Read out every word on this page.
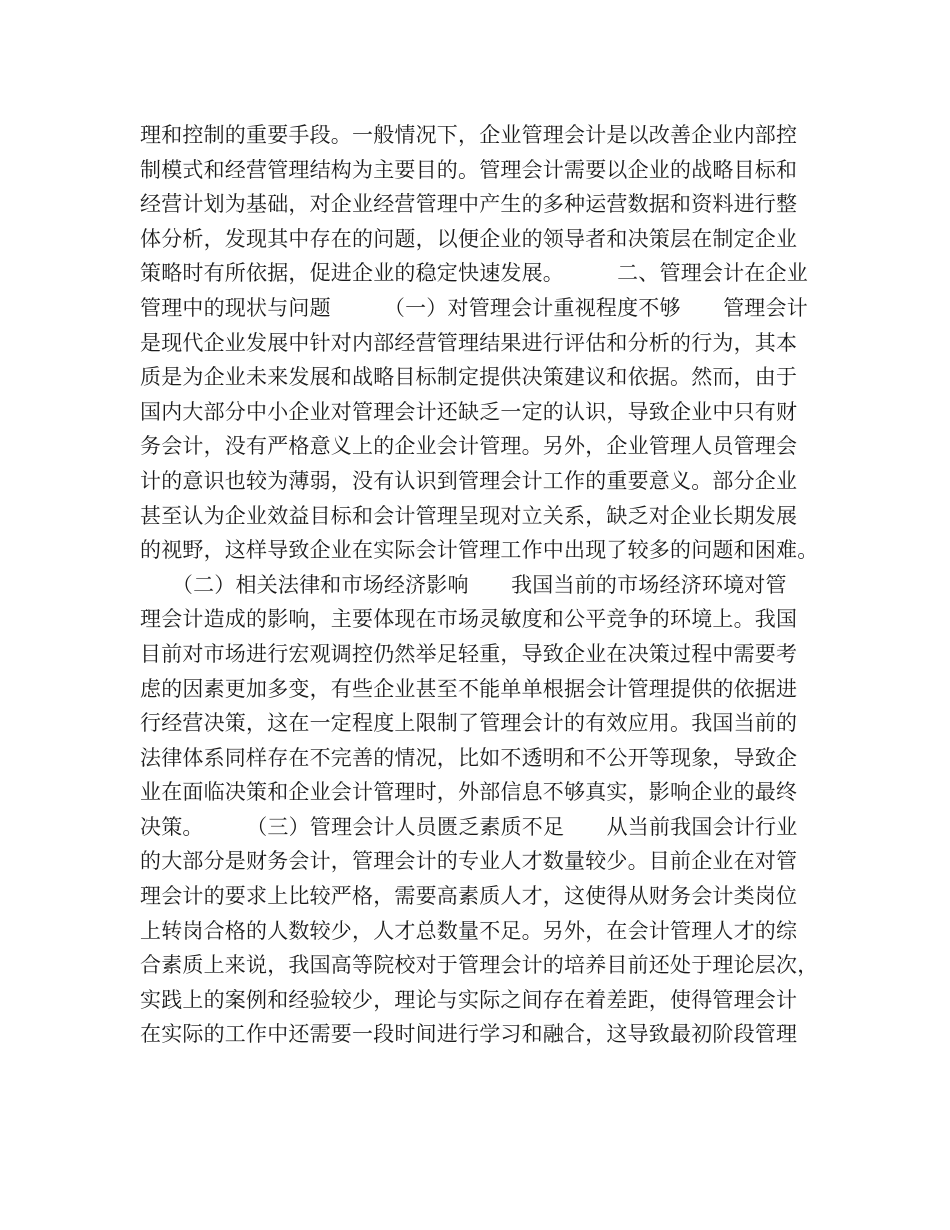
理和控制的重要手段。一般情况下，企业管理会计是以改善企业内部控
制模式和经营管理结构为主要目的。管理会计需要以企业的战略目标和
经营计划为基础，对企业经营管理中产生的多种运营数据和资料进行整
体分析，发现其中存在的问题，以便企业的领导者和决策层在制定企业
策略时有所依据，促进企业的稳定快速发展。　　　二、管理会计在企业
管理中的现状与问题　　　（一）对管理会计重视程度不够　　管理会计
是现代企业发展中针对内部经营管理结果进行评估和分析的行为，其本
质是为企业未来发展和战略目标制定提供决策建议和依据。然而，由于
国内大部分中小企业对管理会计还缺乏一定的认识，导致企业中只有财
务会计，没有严格意义上的企业会计管理。另外，企业管理人员管理会
计的意识也较为薄弱，没有认识到管理会计工作的重要意义。部分企业
甚至认为企业效益目标和会计管理呈现对立关系，缺乏对企业长期发展
的视野，这样导致企业在实际会计管理工作中出现了较多的问题和困难。
　　（二）相关法律和市场经济影响　　我国当前的市场经济环境对管
理会计造成的影响，主要体现在市场灵敏度和公平竞争的环境上。我国
目前对市场进行宏观调控仍然举足轻重，导致企业在决策过程中需要考
虑的因素更加多变，有些企业甚至不能单单根据会计管理提供的依据进
行经营决策，这在一定程度上限制了管理会计的有效应用。我国当前的
法律体系同样存在不完善的情况，比如不透明和不公开等现象，导致企
业在面临决策和企业会计管理时，外部信息不够真实，影响企业的最终
决策。　　　（三）管理会计人员匮乏素质不足　　从当前我国会计行业
的大部分是财务会计，管理会计的专业人才数量较少。目前企业在对管
理会计的要求上比较严格，需要高素质人才，这使得从财务会计类岗位
上转岗合格的人数较少，人才总数量不足。另外，在会计管理人才的综
合素质上来说，我国高等院校对于管理会计的培养目前还处于理论层次，
实践上的案例和经验较少，理论与实际之间存在着差距，使得管理会计
在实际的工作中还需要一段时间进行学习和融合，这导致最初阶段管理
